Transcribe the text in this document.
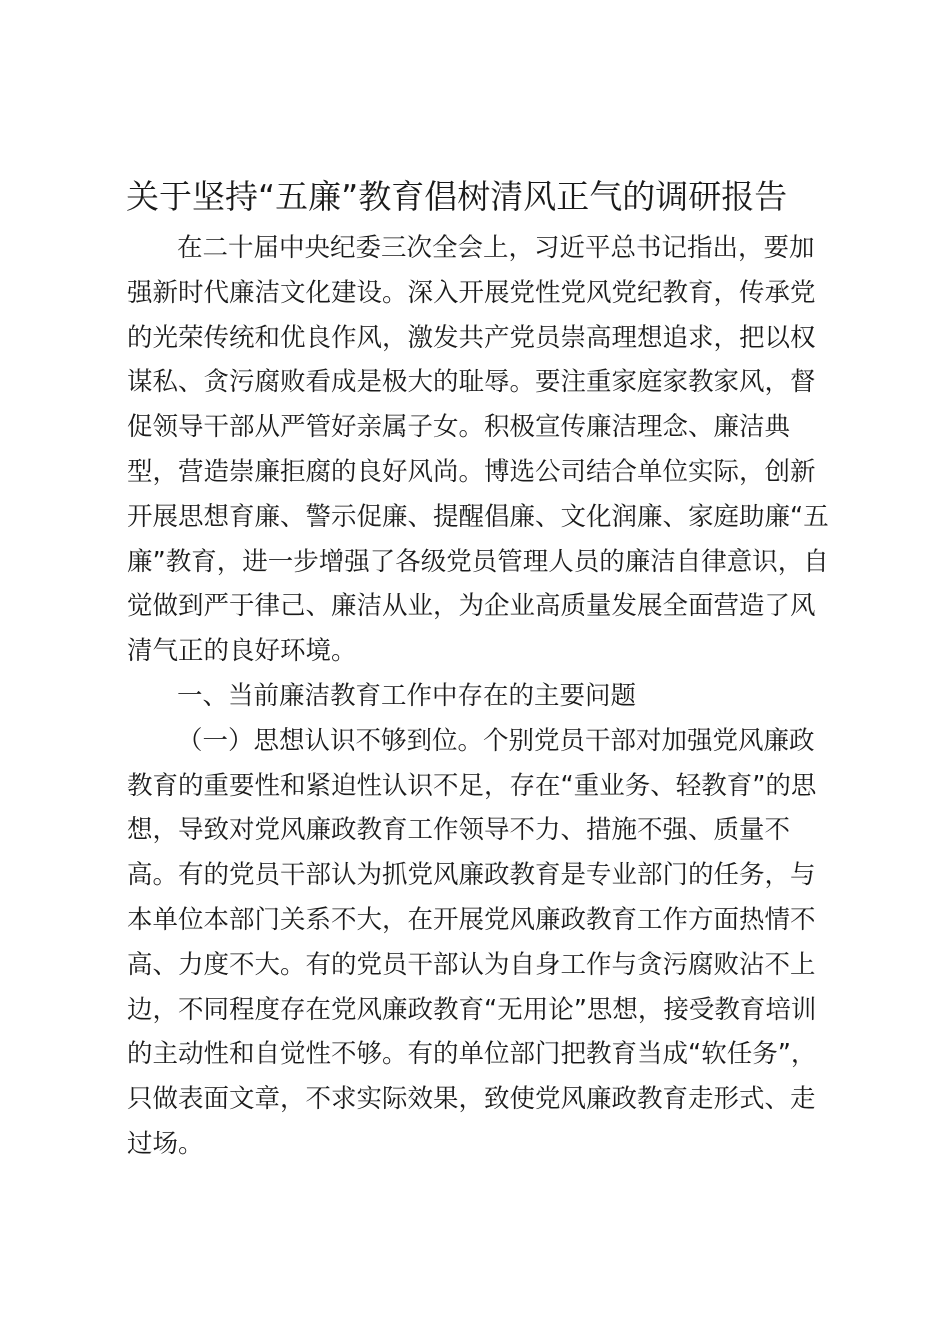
关于坚持“五廉”教育倡树清风正气的调研报告
在二十届中央纪委三次全会上，习近平总书记指出，要加
强新时代廉洁文化建设。深入开展党性党风党纪教育，传承党
的光荣传统和优良作风，激发共产党员崇高理想追求，把以权
谋私、贪污腐败看成是极大的耻辱。要注重家庭家教家风，督
促领导干部从严管好亲属子女。积极宣传廉洁理念、廉洁典
型，营造崇廉拒腐的良好风尚。博选公司结合单位实际，创新
开展思想育廉、警示促廉、提醒倡廉、文化润廉、家庭助廉“五
廉”教育，进一步增强了各级党员管理人员的廉洁自律意识，自
觉做到严于律己、廉洁从业，为企业高质量发展全面营造了风
清气正的良好环境。
一、当前廉洁教育工作中存在的主要问题
（一）思想认识不够到位。个别党员干部对加强党风廉政
教育的重要性和紧迫性认识不足，存在“重业务、轻教育”的思
想，导致对党风廉政教育工作领导不力、措施不强、质量不
高。有的党员干部认为抓党风廉政教育是专业部门的任务，与
本单位本部门关系不大，在开展党风廉政教育工作方面热情不
高、力度不大。有的党员干部认为自身工作与贪污腐败沾不上
边，不同程度存在党风廉政教育“无用论”思想，接受教育培训
的主动性和自觉性不够。有的单位部门把教育当成“软任务”，
只做表面文章，不求实际效果，致使党风廉政教育走形式、走
过场。
